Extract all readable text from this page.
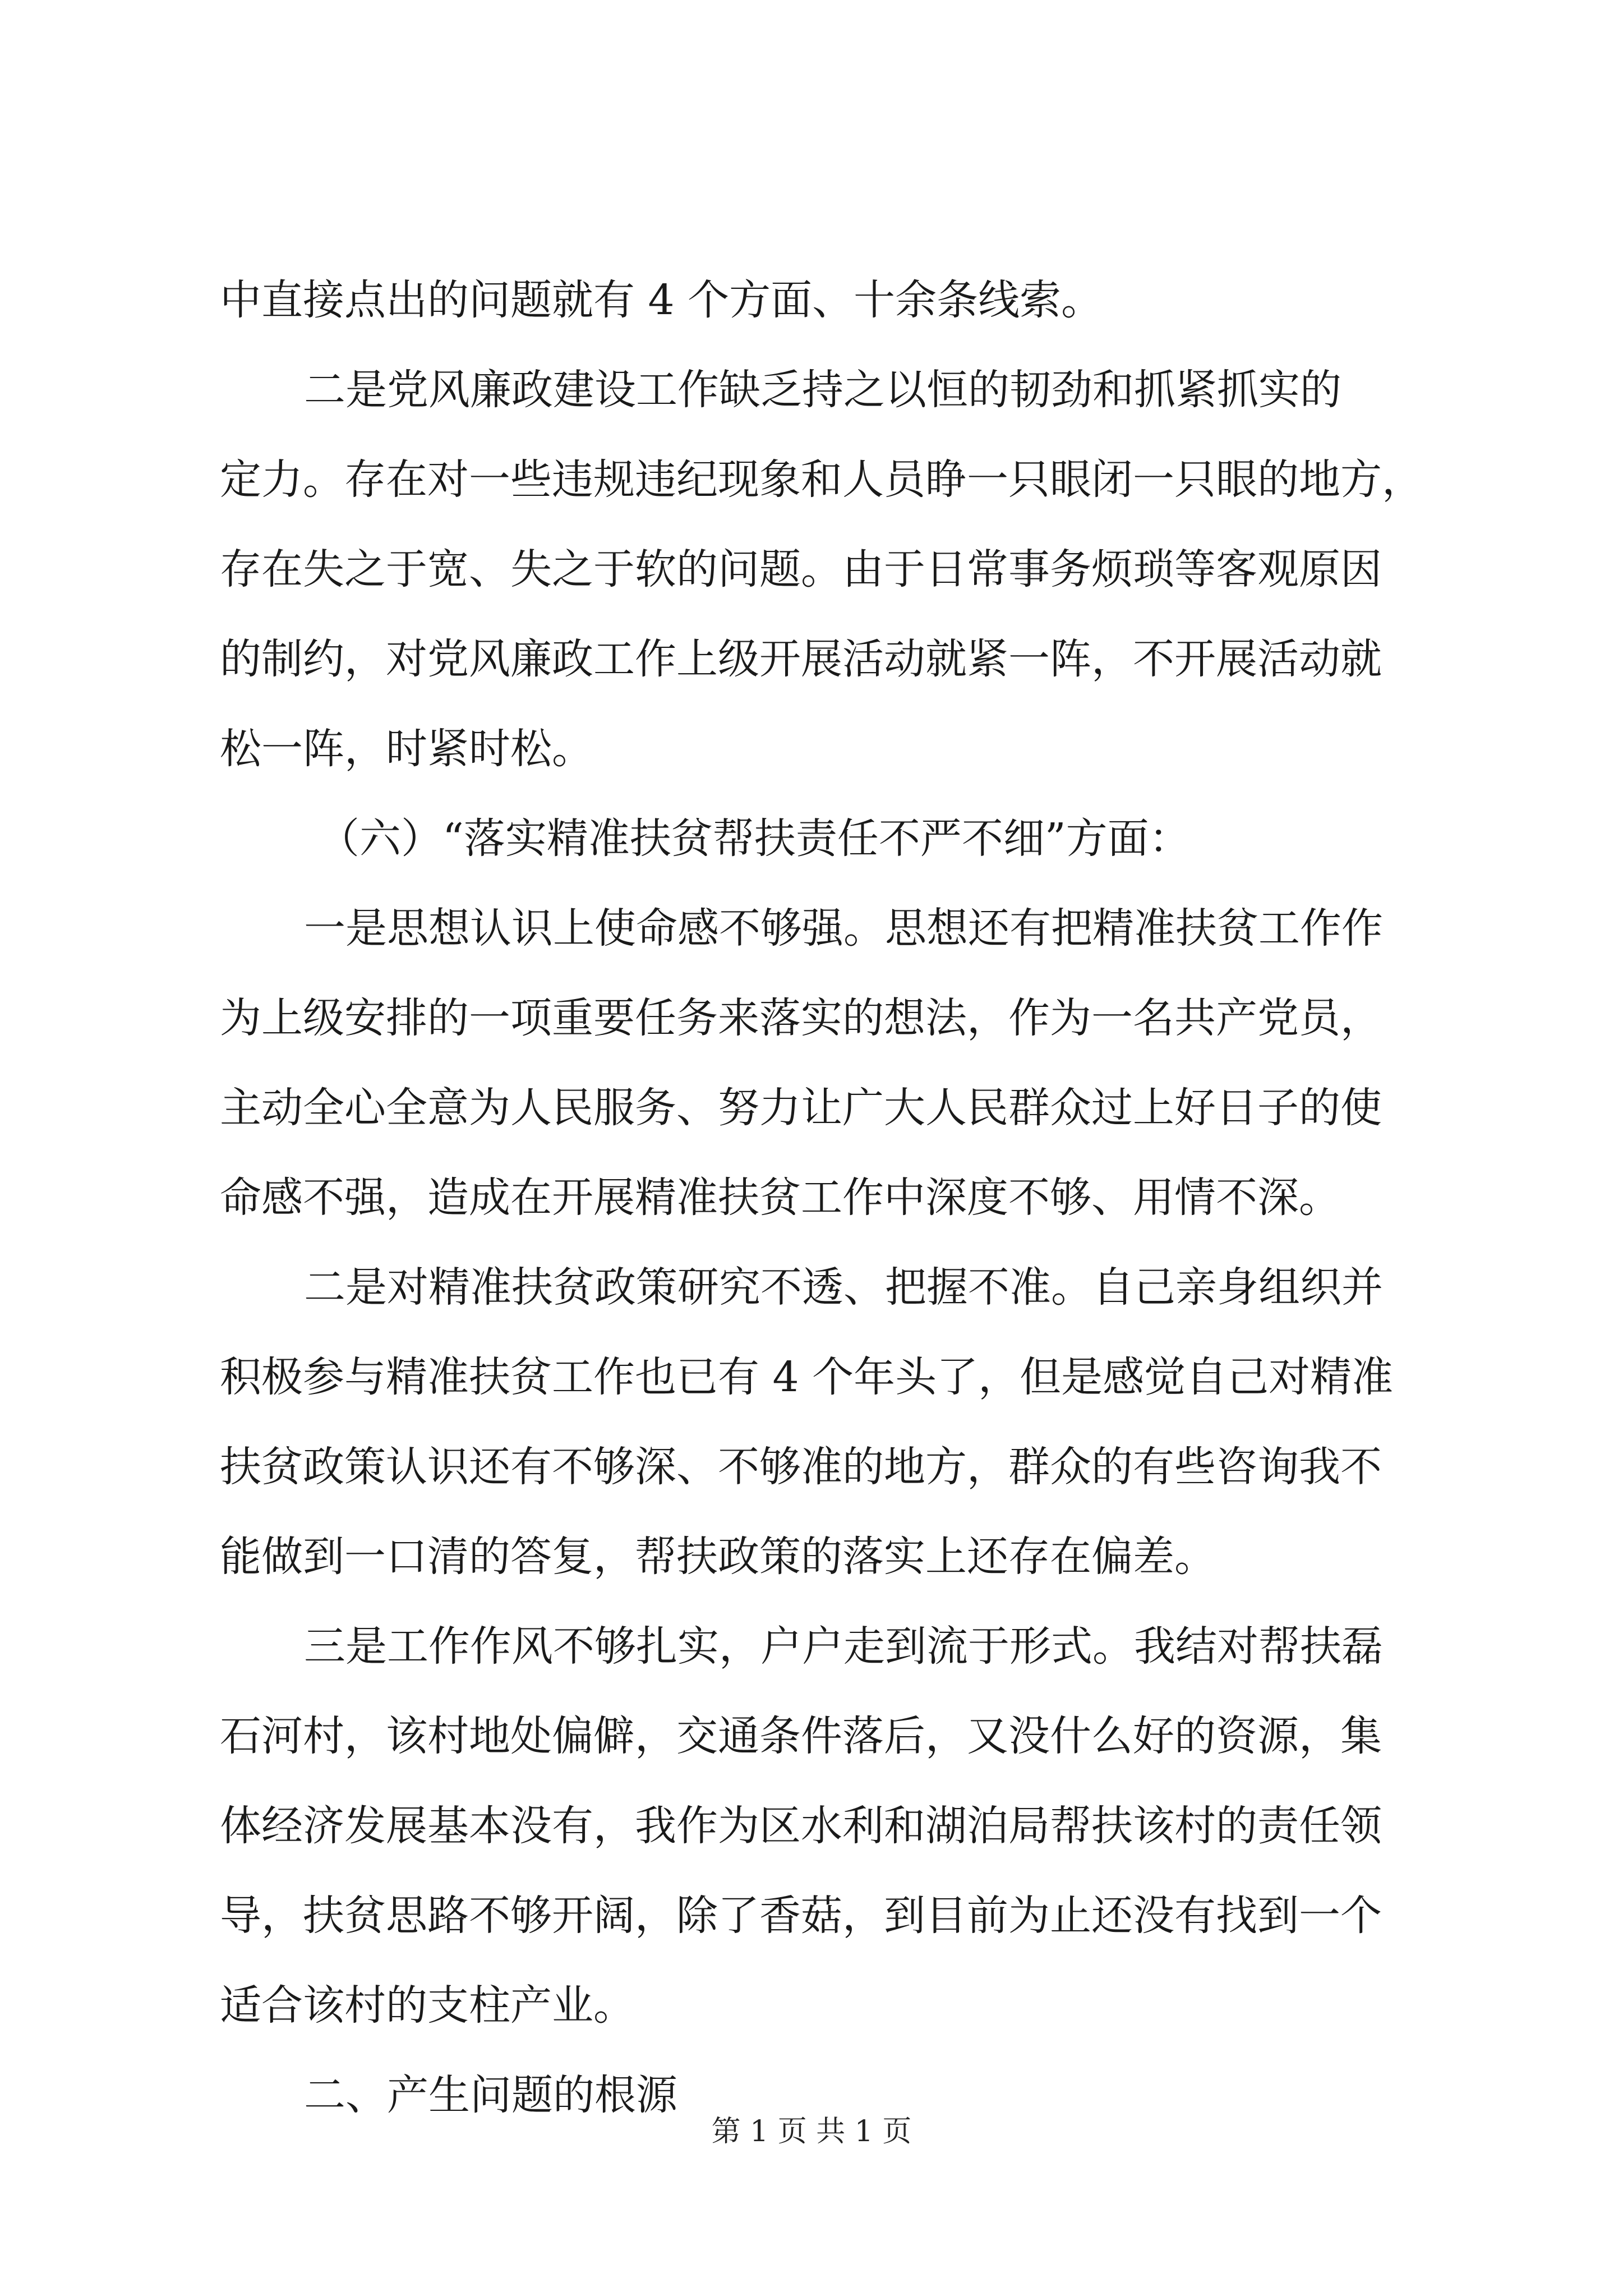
中直接点出的问题就有 4 个方面、十余条线索。
二是党风廉政建设工作缺乏持之以恒的韧劲和抓紧抓实的
定力。存在对一些违规违纪现象和人员睁一只眼闭一只眼的地方，
存在失之于宽、失之于软的问题。由于日常事务烦琐等客观原因
的制约，对党风廉政工作上级开展活动就紧一阵，不开展活动就
松一阵，时紧时松。
（六）“落实精准扶贫帮扶责任不严不细”方面：
一是思想认识上使命感不够强。思想还有把精准扶贫工作作
为上级安排的一项重要任务来落实的想法，作为一名共产党员，
主动全心全意为人民服务、努力让广大人民群众过上好日子的使
命感不强，造成在开展精准扶贫工作中深度不够、用情不深。
二是对精准扶贫政策研究不透、把握不准。自己亲身组织并
积极参与精准扶贫工作也已有 4 个年头了，但是感觉自己对精准
扶贫政策认识还有不够深、不够准的地方，群众的有些咨询我不
能做到一口清的答复，帮扶政策的落实上还存在偏差。
三是工作作风不够扎实，户户走到流于形式。我结对帮扶磊
石河村，该村地处偏僻，交通条件落后，又没什么好的资源，集
体经济发展基本没有，我作为区水利和湖泊局帮扶该村的责任领
导，扶贫思路不够开阔，除了香菇，到目前为止还没有找到一个
适合该村的支柱产业。
二、产生问题的根源
第 1 页 共 1 页
